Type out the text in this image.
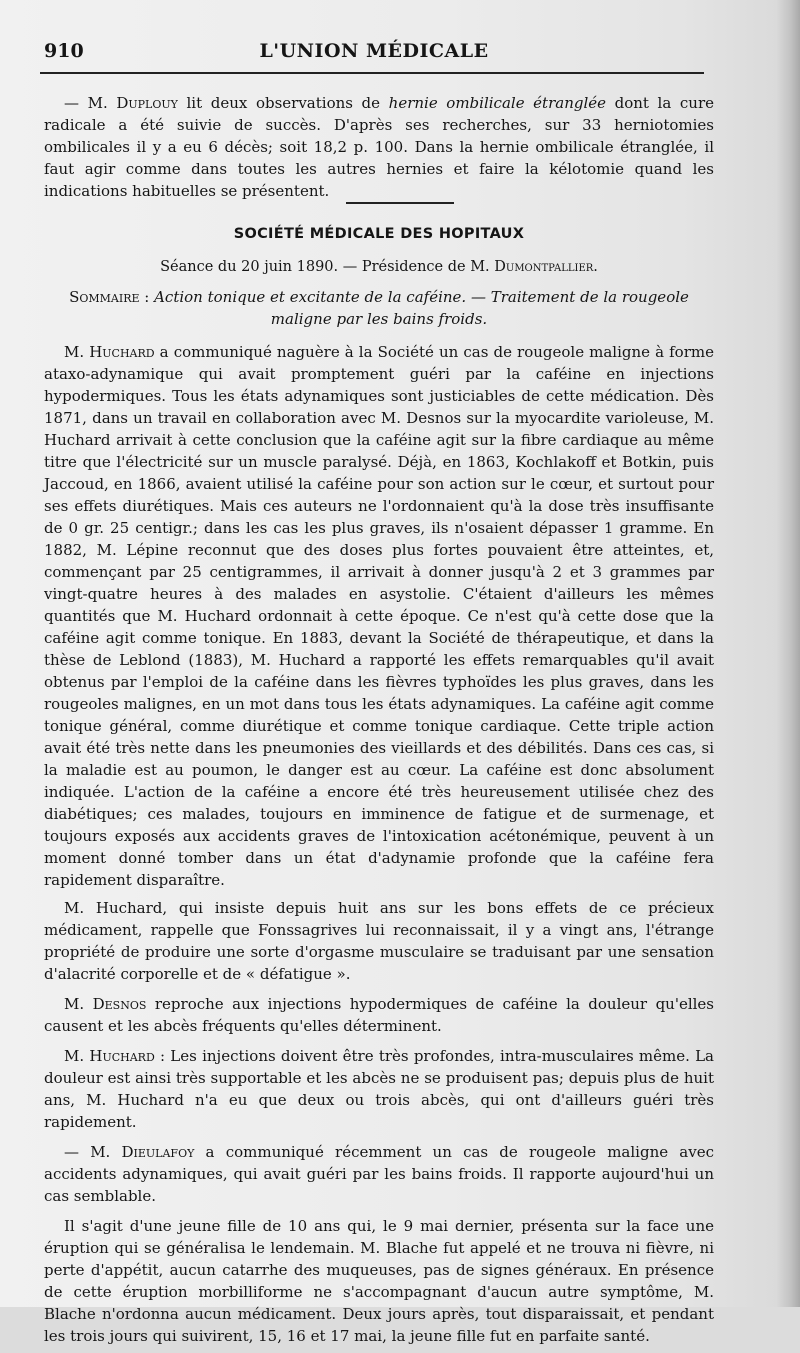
910	L'UNION MÉDICALE
— M. Duplouy lit deux observations de hernie ombilicale étranglée dont la cure radicale a été suivie de succès. D'après ses recherches, sur 33 herniotomies ombilicales il y a eu 6 décès; soit 18,2 p. 100. Dans la hernie ombilicale étranglée, il faut agir comme dans toutes les autres hernies et faire la kélotomie quand les indications habituelles se présentent.
SOCIÉTÉ MÉDICALE DES HOPITAUX
Séance du 20 juin 1890. — Présidence de M. Dumontpallier.
Sommaire : Action tonique et excitante de la caféine. — Traitement de la rougeole maligne par les bains froids.

M. Huchard a communiqué naguère à la Société un cas de rougeole maligne à forme ataxo-adynamique qui avait promptement guéri par la caféine en injections hypodermiques. Tous les états adynamiques sont justiciables de cette médication. Dès 1871, dans un travail en collaboration avec M. Desnos sur la myocardite varioleuse, M. Huchard arrivait à cette conclusion que la caféine agit sur la fibre cardiaque au même titre que l'électricité sur un muscle paralysé. Déjà, en 1863, Kochlakoff et Botkin, puis Jaccoud, en 1866, avaient utilisé la caféine pour son action sur le cœur, et surtout pour ses effets diurétiques. Mais ces auteurs ne l'ordonnaient qu'à la dose très insuffisante de 0 gr. 25 centigr.; dans les cas les plus graves, ils n'osaient dépasser 1 gramme. En 1882, M. Lépine reconnut que des doses plus fortes pouvaient être atteintes, et, commençant par 25 centigrammes, il arrivait à donner jusqu'à 2 et 3 grammes par vingt-quatre heures à des malades en asystolie. C'étaient d'ailleurs les mêmes quantités que M. Huchard ordonnait à cette époque. Ce n'est qu'à cette dose que la caféine agit comme tonique. En 1883, devant la Société de thérapeutique, et dans la thèse de Leblond (1883), M. Huchard a rapporté les effets remarquables qu'il avait obtenus par l'emploi de la caféine dans les fièvres typhoïdes les plus graves, dans les rougeoles malignes, en un mot dans tous les états adynamiques. La caféine agit comme tonique général, comme diurétique et comme tonique cardiaque. Cette triple action avait été très nette dans les pneumonies des vieillards et des débilités. Dans ces cas, si la maladie est au poumon, le danger est au cœur. La caféine est donc absolument indiquée. L'action de la caféine a encore été très heureusement utilisée chez des diabétiques; ces malades, toujours en imminence de fatigue et de surmenage, et toujours exposés aux accidents graves de l'intoxication acétonémique, peuvent à un moment donné tomber dans un état d'adynamie profonde que la caféine fera rapidement disparaître.

M. Huchard, qui insiste depuis huit ans sur les bons effets de ce précieux médicament, rappelle que Fonssagrives lui reconnaissait, il y a vingt ans, l'étrange propriété de produire une sorte d'orgasme musculaire se traduisant par une sensation d'alacrité corporelle et de « défatigue ».

M. Desnos reproche aux injections hypodermiques de caféine la douleur qu'elles causent et les abcès fréquents qu'elles déterminent.

M. Huchard : Les injections doivent être très profondes, intra-musculaires même. La douleur est ainsi très supportable et les abcès ne se produisent pas; depuis plus de huit ans, M. Huchard n'a eu que deux ou trois abcès, qui ont d'ailleurs guéri très rapidement.

— M. Dieulafoy a communiqué récemment un cas de rougeole maligne avec accidents adynamiques, qui avait guéri par les bains froids. Il rapporte aujourd'hui un cas semblable.

Il s'agit d'une jeune fille de 10 ans qui, le 9 mai dernier, présenta sur la face une éruption qui se généralisa le lendemain. M. Blache fut appelé et ne trouva ni fièvre, ni perte d'appétit, aucun catarrhe des muqueuses, pas de signes généraux. En présence de cette éruption morbilliforme ne s'accompagnant d'aucun autre symptôme, M. Blache n'ordonna aucun médicament. Deux jours après, tout disparaissait, et pendant les trois jours qui suivirent, 15, 16 et 17 mai, la jeune fille fut en parfaite santé.
